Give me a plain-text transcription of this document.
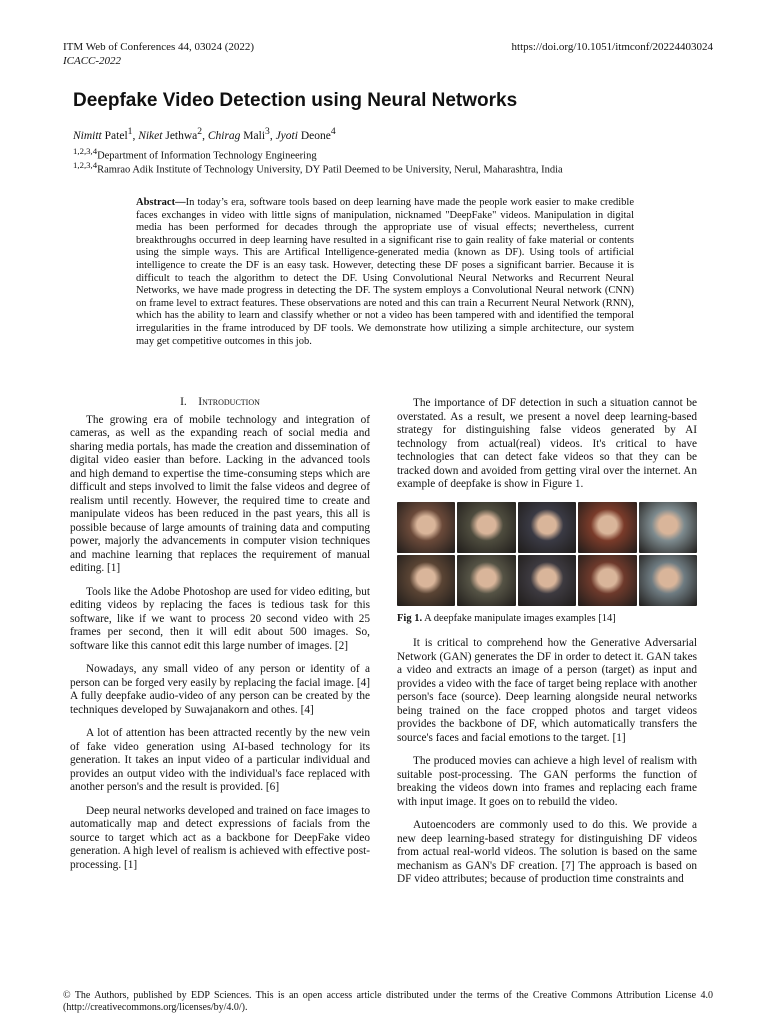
ITM Web of Conferences 44, 03024 (2022)	https://doi.org/10.1051/itmconf/20224403024
ICACC-2022
Deepfake Video Detection using Neural Networks
Nimitt Patel$^1$, Niket Jethwa$^2$, Chirag Mali$^3$, Jyoti Deone$^4$
$^{1,2,3,4}$Department of Information Technology Engineering
$^{1,2,3,4}$Ramrao Adik Institute of Technology University, DY Patil Deemed to be University, Nerul, Maharashtra, India
Abstract—In today’s era, software tools based on deep learning have made the people work easier to make credible faces exchanges in video with little signs of manipulation, nicknamed "DeepFake" videos. Manipulation in digital media has been performed for decades through the appropriate use of visual effects; nevertheless, current breakthroughs occurred in deep learning have resulted in a significant rise to gain reality of fake material or contents using the simple ways. This are Artifical Intelligence-generated media (known as DF). Using tools of artificial intelligence to create the DF is an easy task. However, detecting these DF poses a significant barrier. Because it is difficult to teach the algorithm to detect the DF. Using Convolutional Neural Networks and Recurrent Neural Networks, we have made progress in detecting the DF. The system employs a Convolutional Neural network (CNN) on frame level to extract features. These observations are noted and this can train a Recurrent Neural Network (RNN), which has the ability to learn and classify whether or not a video has been tampered with and identified the temporal irregularities in the frame introduced by DF tools. We demonstrate how utilizing a simple architecture, our system may get competitive outcomes in this job.
I. Introduction

The growing era of mobile technology and integration of cameras, as well as the expanding reach of social media and sharing media portals, has made the creation and dissemination of digital video easier than before. Lacking in the advanced tools and high demand to expertise the time-consuming steps which are difficult and steps involved to limit the false videos and degree of realism until recently. However, the required time to create and manipulate videos has been reduced in the past years, this all is possible because of large amounts of training data and computing power, majorly the advancements in computer vision techniques and machine learning that replaces the requirement of manual editing. [1]

Tools like the Adobe Photoshop are used for video editing, but editing videos by replacing the faces is tedious task for this software, like if we want to process 20 second video with 25 frames per second, then it will edit about 500 images. So, software like this cannot edit this large number of images. [2]

Nowadays, any small video of any person or identity of a person can be forged very easily by replacing the facial image. [4] A fully deepfake audio-video of any person can be created by the techniques developed by Suwajanakorn and othes. [4]

A lot of attention has been attracted recently by the new vein of fake video generation using AI-based technology for its generation. It takes an input video of a particular individual and provides an output video with the individual's face replaced with another person's and the result is provided. [6]

Deep neural networks developed and trained on face images to automatically map and detect expressions of facials from the source to target which act as a backbone for DeepFake video generation. A high level of realism is achieved with effective post-processing. [1]

The importance of DF detection in such a situation cannot be overstated. As a result, we present a novel deep learning-based strategy for distinguishing false videos generated by AI technology from actual(real) videos. It's critical to have technologies that can detect fake videos so that they can be tracked down and avoided from getting viral over the internet. An example of deepfake is show in Figure 1.

Fig 1. A deepfake manipulate images examples [14]

It is critical to comprehend how the Generative Adversarial Network (GAN) generates the DF in order to detect it. GAN takes a video and extracts an image of a person (target) as input and provides a video with the face of target being replace with another person's face (source). Deep learning alongside neural networks being trained on the face cropped photos and target videos provides the backbone of DF, which automatically transfers the source's faces and facial emotions to the target. [1]

The produced movies can achieve a high level of realism with suitable post-processing. The GAN performs the function of breaking the videos down into frames and replacing each frame with input image. It goes on to rebuild the video.

Autoencoders are commonly used to do this. We provide a new deep learning-based strategy for distinguishing DF videos from actual real-world videos. The solution is based on the same mechanism as GAN's DF creation. [7] The approach is based on DF video attributes; because of production time constraints and

© The Authors, published by EDP Sciences. This is an open access article distributed under the terms of the Creative Commons Attribution License 4.0 (http://creativecommons.org/licenses/by/4.0/).
